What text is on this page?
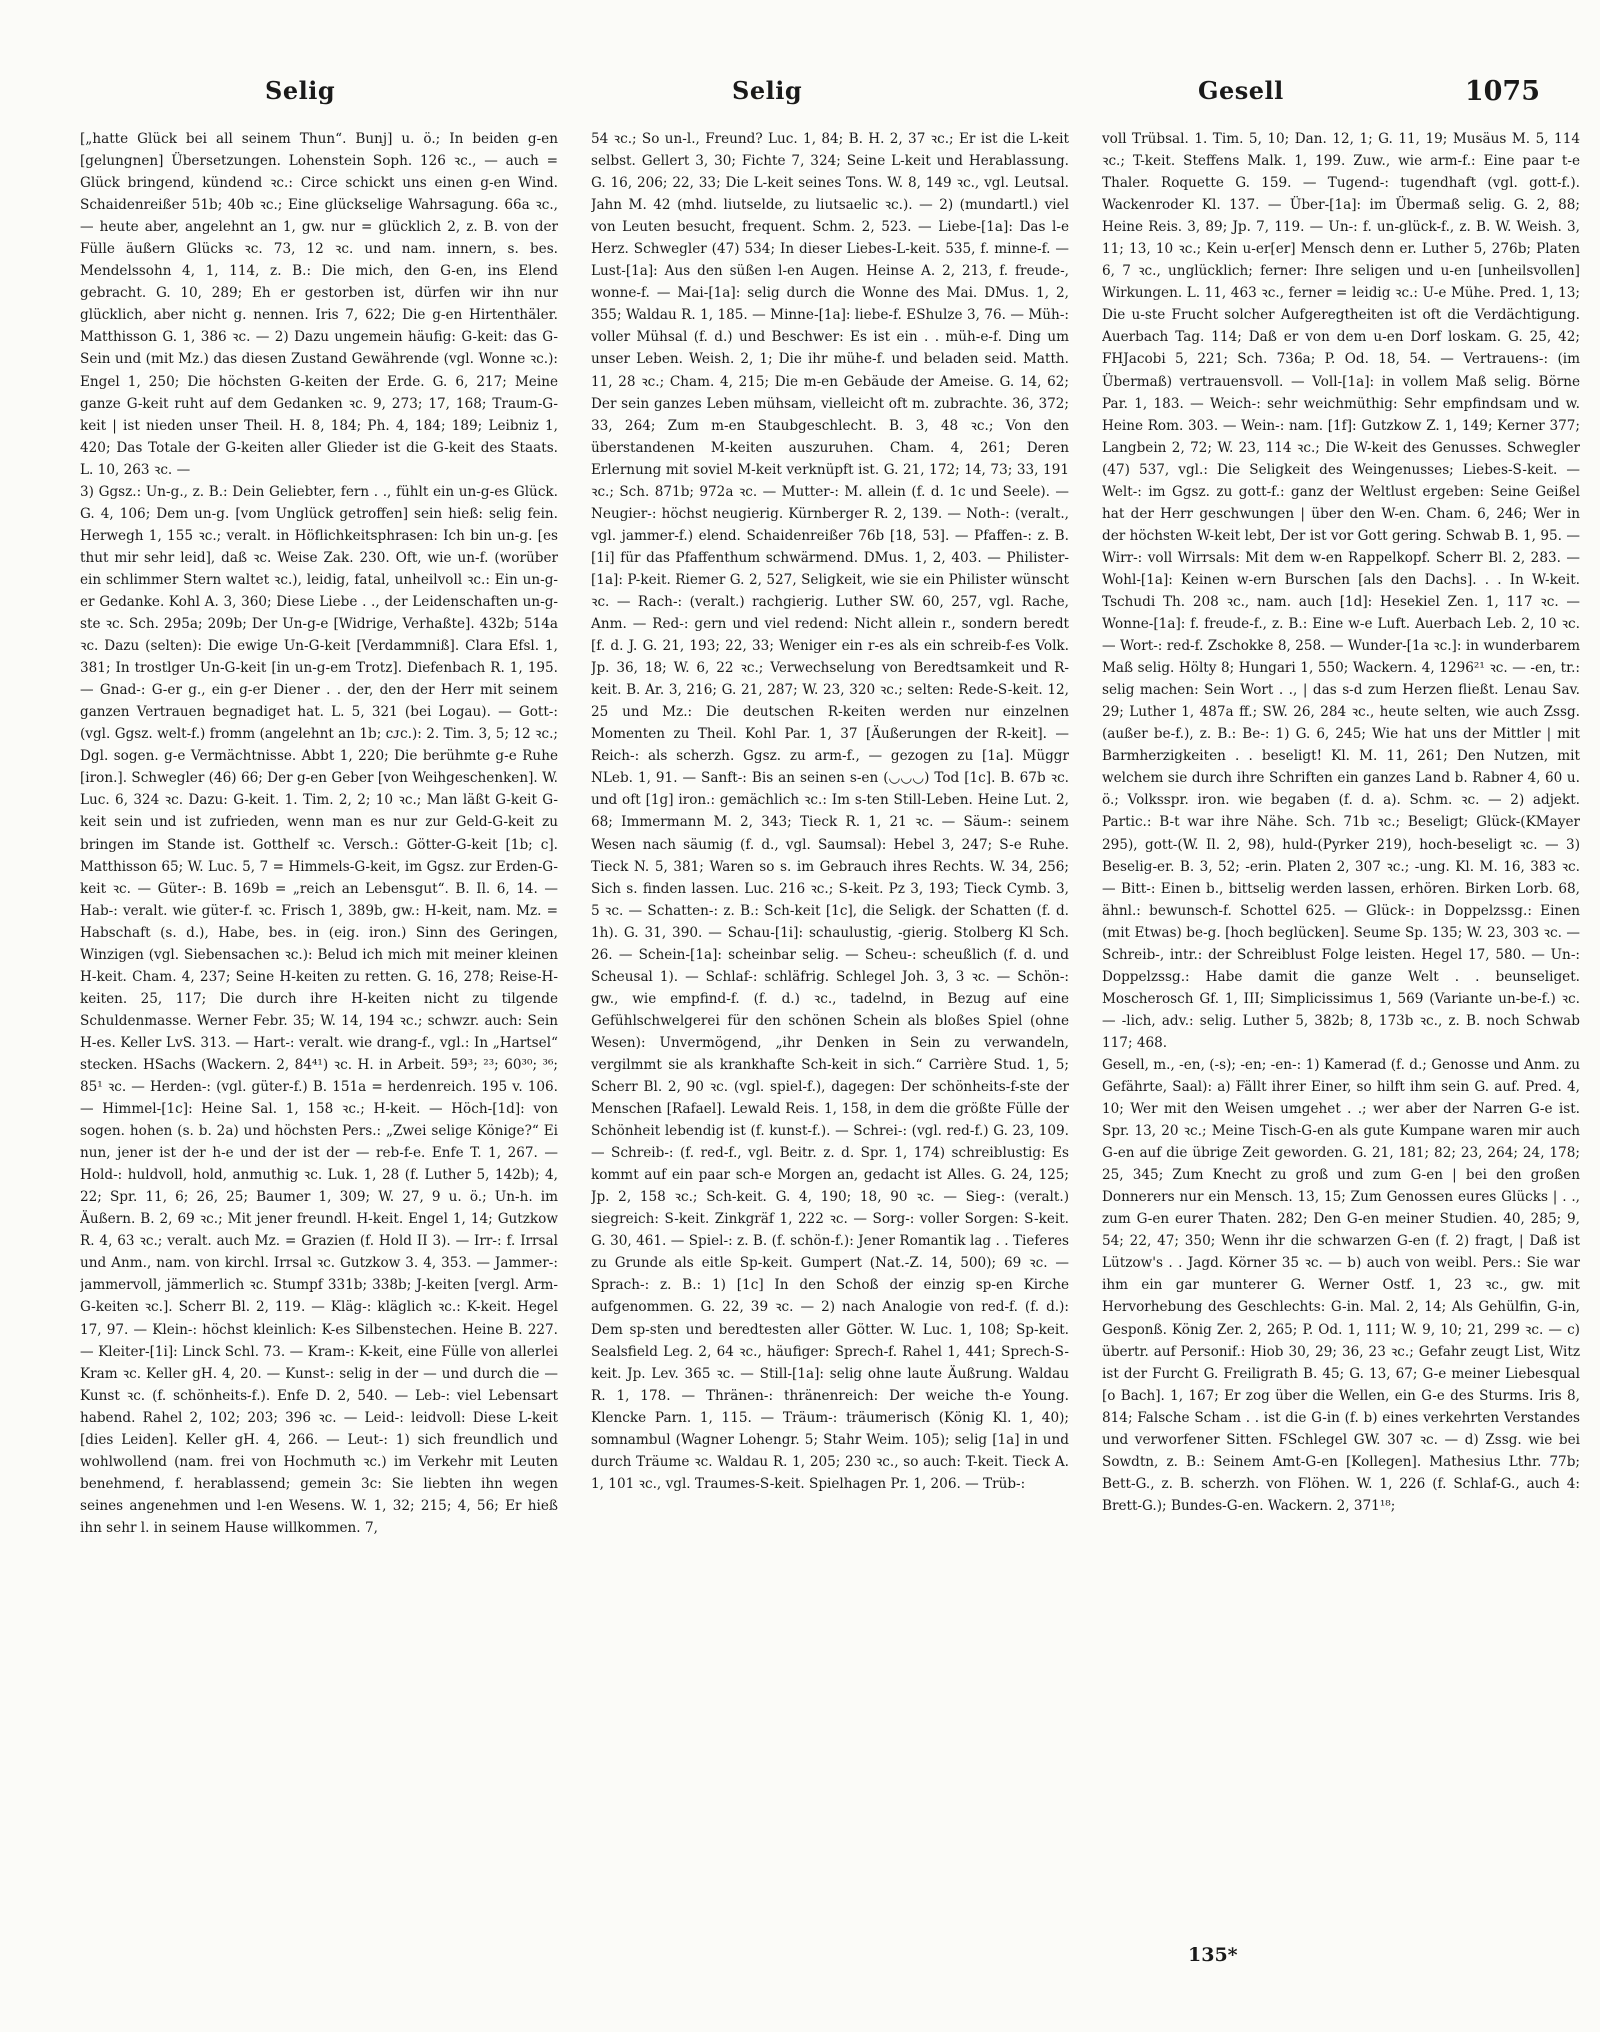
Selig	Selig	Gesell	1075

[„hatte Glück bei all seinem Thun“. Bunj] u. ö.; In beiden g-en [gelungnen] Übersetzungen. Lohenstein Soph. 126 ꝛc., — auch = Glück bringend, kündend ꝛc.: Circe schickt uns einen g-en Wind. Schaidenreißer 51b; 40b ꝛc.; Eine glückselige Wahrsagung. 66a ꝛc., — heute aber, angelehnt an 1, gw. nur = glücklich 2, z. B. von der Fülle äußern Glücks ꝛc. 73, 12 ꝛc. und nam. innern, s. bes. Mendelssohn 4, 1, 114, z. B.: Die mich, den G-en, ins Elend gebracht. G. 10, 289; Eh er gestorben ist, dürfen wir ihn nur glücklich, aber nicht g. nennen. Iris 7, 622; Die g-en Hirtenthäler. Matthisson G. 1, 386 ꝛc. — 2) Dazu ungemein häufig: G-keit: das G-Sein und (mit Mz.) das diesen Zustand Gewährende (vgl. Wonne ꝛc.): Engel 1, 250; Die höchsten G-keiten der Erde. G. 6, 217; Meine ganze G-keit ruht auf dem Gedanken ꝛc. 9, 273; 17, 168; Traum-G-keit | ist nieden unser Theil. H. 8, 184; Ph. 4, 184; 189; Leibniz 1, 420; Das Totale der G-keiten aller Glieder ist die G-keit des Staats. L. 10, 263 ꝛc. —

3) Ggsz.: Un-g., z. B.: Dein Geliebter, fern . ., fühlt ein un-g-es Glück. G. 4, 106; Dem un-g. [vom Unglück getroffen] sein hieß: selig fein. Herwegh 1, 155 ꝛc.; veralt. in Höflichkeitsphrasen: Ich bin un-g. [es thut mir sehr leid], daß ꝛc. Weise Zak. 230. Oft, wie un-f. (worüber ein schlimmer Stern waltet ꝛc.), leidig, fatal, unheilvoll ꝛc.: Ein un-g-er Gedanke. Kohl A. 3, 360; Diese Liebe . ., der Leidenschaften un-g-ste ꝛc. Sch. 295a; 209b; Der Un-g-e [Widrige, Verhaßte]. 432b; 514a ꝛc. Dazu (selten): Die ewige Un-G-keit [Verdammniß]. Clara Efsl. 1, 381; In trostlger Un-G-keit [in un-g-em Trotz]. Diefenbach R. 1, 195. — Gnad-: G-er g., ein g-er Diener . . der, den der Herr mit seinem ganzen Vertrauen begnadiget hat. L. 5, 321 (bei Logau). — Gott-: (vgl. Ggsz. welt-f.) fromm (angelehnt an 1b; cᴊc.): 2. Tim. 3, 5; 12 ꝛc.; Dgl. sogen. g-e Vermächtnisse. Abbt 1, 220; Die berühmte g-e Ruhe [iron.]. Schwegler (46) 66; Der g-en Geber [von Weihgeschenken]. W. Luc. 6, 324 ꝛc. Dazu: G-keit. 1. Tim. 2, 2; 10 ꝛc.; Man läßt G-keit G-keit sein und ist zufrieden, wenn man es nur zur Geld-G-keit zu bringen im Stande ist. Gotthelf ꝛc. Versch.: Götter-G-keit [1b; c]. Matthisson 65; W. Luc. 5, 7 = Himmels-G-keit, im Ggsz. zur Erden-G-keit ꝛc. — Güter-: B. 169b = „reich an Lebensgut“. B. Il. 6, 14. — Hab-: veralt. wie güter-f. ꝛc. Frisch 1, 389b, gw.: H-keit, nam. Mz. = Habschaft (s. d.), Habe, bes. in (eig. iron.) Sinn des Geringen, Winzigen (vgl. Siebensachen ꝛc.): Belud ich mich mit meiner kleinen H-keit. Cham. 4, 237; Seine H-keiten zu retten. G. 16, 278; Reise-H-keiten. 25, 117; Die durch ihre H-keiten nicht zu tilgende Schuldenmasse. Werner Febr. 35; W. 14, 194 ꝛc.; schwzr. auch: Sein H-es. Keller LvS. 313. — Hart-: veralt. wie drang-f., vgl.: In „Hartsel“ stecken. HSachs (Wackern. 2, 84⁴¹) ꝛc. H. in Arbeit. 59³; ²³; 60³⁰; ³⁶; 85¹ ꝛc. — Herden-: (vgl. güter-f.) B. 151a = herdenreich. 195 v. 106. — Himmel-[1c]: Heine Sal. 1, 158 ꝛc.; H-keit. — Höch-[1d]: von sogen. hohen (s. b. 2a) und höchsten Pers.: „Zwei selige Könige?“ Ei nun, jener ist der h-e und der ist der — reb-f-e. Enfe T. 1, 267. — Hold-: huldvoll, hold, anmuthig ꝛc. Luk. 1, 28 (f. Luther 5, 142b); 4, 22; Spr. 11, 6; 26, 25; Baumer 1, 309; W. 27, 9 u. ö.; Un-h. im Äußern. B. 2, 69 ꝛc.; Mit jener freundl. H-keit. Engel 1, 14; Gutzkow R. 4, 63 ꝛc.; veralt. auch Mz. = Grazien (f. Hold II 3). — Irr-: f. Irrsal und Anm., nam. von kirchl. Irrsal ꝛc. Gutzkow 3. 4, 353. — Jammer-: jammervoll, jämmerlich ꝛc. Stumpf 331b; 338b; J-keiten [vergl. Arm-G-keiten ꝛc.]. Scherr Bl. 2, 119. — Kläg-: kläglich ꝛc.: K-keit. Hegel 17, 97. — Klein-: höchst kleinlich: K-es Silbenstechen. Heine B. 227. — Kleiter-[1i]: Linck Schl. 73. — Kram-: K-keit, eine Fülle von allerlei Kram ꝛc. Keller gH. 4, 20. — Kunst-: selig in der — und durch die — Kunst ꝛc. (f. schönheits-f.). Enfe D. 2, 540. — Leb-: viel Lebensart habend. Rahel 2, 102; 203; 396 ꝛc. — Leid-: leidvoll: Diese L-keit [dies Leiden]. Keller gH. 4, 266. — Leut-: 1) sich freundlich und wohlwollend (nam. frei von Hochmuth ꝛc.) im Verkehr mit Leuten benehmend, f. herablassend; gemein 3c: Sie liebten ihn wegen seines angenehmen und l-en Wesens. W. 1, 32; 215; 4, 56; Er hieß ihn sehr l. in seinem Hause willkommen. 7,

54 ꝛc.; So un-l., Freund? Luc. 1, 84; B. H. 2, 37 ꝛc.; Er ist die L-keit selbst. Gellert 3, 30; Fichte 7, 324; Seine L-keit und Herablassung. G. 16, 206; 22, 33; Die L-keit seines Tons. W. 8, 149 ꝛc., vgl. Leutsal. Jahn M. 42 (mhd. liutselde, zu liutsaelic ꝛc.). — 2) (mundartl.) viel von Leuten besucht, frequent. Schm. 2, 523. — Liebe-[1a]: Das l-e Herz. Schwegler (47) 534; In dieser Liebes-L-keit. 535, f. minne-f. — Lust-[1a]: Aus den süßen l-en Augen. Heinse A. 2, 213, f. freude-, wonne-f. — Mai-[1a]: selig durch die Wonne des Mai. DMus. 1, 2, 355; Waldau R. 1, 185. — Minne-[1a]: liebe-f. EShulze 3, 76. — Müh-: voller Mühsal (f. d.) und Beschwer: Es ist ein . . müh-e-f. Ding um unser Leben. Weish. 2, 1; Die ihr mühe-f. und beladen seid. Matth. 11, 28 ꝛc.; Cham. 4, 215; Die m-en Gebäude der Ameise. G. 14, 62; Der sein ganzes Leben mühsam, vielleicht oft m. zubrachte. 36, 372; 33, 264; Zum m-en Staubgeschlecht. B. 3, 48 ꝛc.; Von den überstandenen M-keiten auszuruhen. Cham. 4, 261; Deren Erlernung mit soviel M-keit verknüpft ist. G. 21, 172; 14, 73; 33, 191 ꝛc.; Sch. 871b; 972a ꝛc. — Mutter-: M. allein (f. d. 1c und Seele). — Neugier-: höchst neugierig. Kürnberger R. 2, 139. — Noth-: (veralt., vgl. jammer-f.) elend. Schaidenreißer 76b [18, 53]. — Pfaffen-: z. B. [1i] für das Pfaffenthum schwärmend. DMus. 1, 2, 403. — Philister-[1a]: P-keit. Riemer G. 2, 527, Seligkeit, wie sie ein Philister wünscht ꝛc. — Rach-: (veralt.) rachgierig. Luther SW. 60, 257, vgl. Rache, Anm. — Red-: gern und viel redend: Nicht allein r., sondern beredt [f. d. J. G. 21, 193; 22, 33; Weniger ein r-es als ein schreib-f-es Volk. Jp. 36, 18; W. 6, 22 ꝛc.; Verwechselung von Beredtsamkeit und R-keit. B. Ar. 3, 216; G. 21, 287; W. 23, 320 ꝛc.; selten: Rede-S-keit. 12, 25 und Mz.: Die deutschen R-keiten werden nur einzelnen Momenten zu Theil. Kohl Par. 1, 37 [Äußerungen der R-keit]. — Reich-: als scherzh. Ggsz. zu arm-f., — gezogen zu [1a]. Müggr NLeb. 1, 91. — Sanft-: Bis an seinen s-en (◡◡◡) Tod [1c]. B. 67b ꝛc. und oft [1g] iron.: gemächlich ꝛc.: Im s-ten Still-Leben. Heine Lut. 2, 68; Immermann M. 2, 343; Tieck R. 1, 21 ꝛc. — Säum-: seinem Wesen nach säumig (f. d., vgl. Saumsal): Hebel 3, 247; S-e Ruhe. Tieck N. 5, 381; Waren so s. im Gebrauch ihres Rechts. W. 34, 256; Sich s. finden lassen. Luc. 216 ꝛc.; S-keit. Pz 3, 193; Tieck Cymb. 3, 5 ꝛc. — Schatten-: z. B.: Sch-keit [1c], die Seligk. der Schatten (f. d. 1h). G. 31, 390. — Schau-[1i]: schaulustig, -gierig. Stolberg Kl Sch. 26. — Schein-[1a]: scheinbar selig. — Scheu-: scheußlich (f. d. und Scheusal 1). — Schlaf-: schläfrig. Schlegel Joh. 3, 3 ꝛc. — Schön-: gw., wie empfind-f. (f. d.) ꝛc., tadelnd, in Bezug auf eine Gefühlschwelgerei für den schönen Schein als bloßes Spiel (ohne Wesen): Unvermögend, „ihr Denken in Sein zu verwandeln, vergilmmt sie als krankhafte Sch-keit in sich.“ Carrière Stud. 1, 5; Scherr Bl. 2, 90 ꝛc. (vgl. spiel-f.), dagegen: Der schönheits-f-ste der Menschen [Rafael]. Lewald Reis. 1, 158, in dem die größte Fülle der Schönheit lebendig ist (f. kunst-f.). — Schrei-: (vgl. red-f.) G. 23, 109. — Schreib-: (f. red-f., vgl. Beitr. z. d. Spr. 1, 174) schreiblustig: Es kommt auf ein paar sch-e Morgen an, gedacht ist Alles. G. 24, 125; Jp. 2, 158 ꝛc.; Sch-keit. G. 4, 190; 18, 90 ꝛc. — Sieg-: (veralt.) siegreich: S-keit. Zinkgräf 1, 222 ꝛc. — Sorg-: voller Sorgen: S-keit. G. 30, 461. — Spiel-: z. B. (f. schön-f.): Jener Romantik lag . . Tieferes zu Grunde als eitle Sp-keit. Gumpert (Nat.-Z. 14, 500); 69 ꝛc. — Sprach-: z. B.: 1) [1c] In den Schoß der einzig sp-en Kirche aufgenommen. G. 22, 39 ꝛc. — 2) nach Analogie von red-f. (f. d.): Dem sp-sten und beredtesten aller Götter. W. Luc. 1, 108; Sp-keit. Sealsfield Leg. 2, 64 ꝛc., häufiger: Sprech-f. Rahel 1, 441; Sprech-S-keit. Jp. Lev. 365 ꝛc. — Still-[1a]: selig ohne laute Äußrung. Waldau R. 1, 178. — Thränen-: thränenreich: Der weiche th-e Young. Klencke Parn. 1, 115. — Träum-: träumerisch (König Kl. 1, 40); somnambul (Wagner Lohengr. 5; Stahr Weim. 105); selig [1a] in und durch Träume ꝛc. Waldau R. 1, 205; 230 ꝛc., so auch: T-keit. Tieck A. 1, 101 ꝛc., vgl. Traumes-S-keit. Spielhagen Pr. 1, 206. — Trüb-:

voll Trübsal. 1. Tim. 5, 10; Dan. 12, 1; G. 11, 19; Musäus M. 5, 114 ꝛc.; T-keit. Steffens Malk. 1, 199. Zuw., wie arm-f.: Eine paar t-e Thaler. Roquette G. 159. — Tugend-: tugendhaft (vgl. gott-f.). Wackenroder Kl. 137. — Über-[1a]: im Übermaß selig. G. 2, 88; Heine Reis. 3, 89; Jp. 7, 119. — Un-: f. un-glück-f., z. B. W. Weish. 3, 11; 13, 10 ꝛc.; Kein u-er[er] Mensch denn er. Luther 5, 276b; Platen 6, 7 ꝛc., unglücklich; ferner: Ihre seligen und u-en [unheilsvollen] Wirkungen. L. 11, 463 ꝛc., ferner = leidig ꝛc.: U-e Mühe. Pred. 1, 13; Die u-ste Frucht solcher Aufgeregtheiten ist oft die Verdächtigung. Auerbach Tag. 114; Daß er von dem u-en Dorf loskam. G. 25, 42; FHJacobi 5, 221; Sch. 736a; P. Od. 18, 54. — Vertrauens-: (im Übermaß) vertrauensvoll. — Voll-[1a]: in vollem Maß selig. Börne Par. 1, 183. — Weich-: sehr weichmüthig: Sehr empfindsam und w. Heine Rom. 303. — Wein-: nam. [1f]: Gutzkow Z. 1, 149; Kerner 377; Langbein 2, 72; W. 23, 114 ꝛc.; Die W-keit des Genusses. Schwegler (47) 537, vgl.: Die Seligkeit des Weingenusses; Liebes-S-keit. — Welt-: im Ggsz. zu gott-f.: ganz der Weltlust ergeben: Seine Geißel hat der Herr geschwungen | über den W-en. Cham. 6, 246; Wer in der höchsten W-keit lebt, Der ist vor Gott gering. Schwab B. 1, 95. — Wirr-: voll Wirrsals: Mit dem w-en Rappelkopf. Scherr Bl. 2, 283. — Wohl-[1a]: Keinen w-ern Burschen [als den Dachs]. . . In W-keit. Tschudi Th. 208 ꝛc., nam. auch [1d]: Hesekiel Zen. 1, 117 ꝛc. — Wonne-[1a]: f. freude-f., z. B.: Eine w-e Luft. Auerbach Leb. 2, 10 ꝛc. — Wort-: red-f. Zschokke 8, 258. — Wunder-[1a ꝛc.]: in wunderbarem Maß selig. Hölty 8; Hungari 1, 550; Wackern. 4, 1296²¹ ꝛc. — -en, tr.: selig machen: Sein Wort . ., | das s-d zum Herzen fließt. Lenau Sav. 29; Luther 1, 487a ff.; SW. 26, 284 ꝛc., heute selten, wie auch Zssg. (außer be-f.), z. B.: Be-: 1) G. 6, 245; Wie hat uns der Mittler | mit Barmherzigkeiten . . beseligt! Kl. M. 11, 261; Den Nutzen, mit welchem sie durch ihre Schriften ein ganzes Land b. Rabner 4, 60 u. ö.; Volksspr. iron. wie begaben (f. d. a). Schm. ꝛc. — 2) adjekt. Partic.: B-t war ihre Nähe. Sch. 71b ꝛc.; Beseligt; Glück-(KMayer 295), gott-(W. Il. 2, 98), huld-(Pyrker 219), hoch-beseligt ꝛc. — 3) Beselig-er. B. 3, 52; -erin. Platen 2, 307 ꝛc.; -ung. Kl. M. 16, 383 ꝛc. — Bitt-: Einen b., bittselig werden lassen, erhören. Birken Lorb. 68, ähnl.: bewunsch-f. Schottel 625. — Glück-: in Doppelzssg.: Einen (mit Etwas) be-g. [hoch beglücken]. Seume Sp. 135; W. 23, 303 ꝛc. — Schreib-, intr.: der Schreiblust Folge leisten. Hegel 17, 580. — Un-: Doppelzssg.: Habe damit die ganze Welt . . beunseliget. Moscherosch Gf. 1, III; Simplicissimus 1, 569 (Variante un-be-f.) ꝛc. — -lich, adv.: selig. Luther 5, 382b; 8, 173b ꝛc., z. B. noch Schwab 117; 468.

Gesell, m., -en, (-s); -en; -en-: 1) Kamerad (f. d.; Genosse und Anm. zu Gefährte, Saal): a) Fällt ihrer Einer, so hilft ihm sein G. auf. Pred. 4, 10; Wer mit den Weisen umgehet . .; wer aber der Narren G-e ist. Spr. 13, 20 ꝛc.; Meine Tisch-G-en als gute Kumpane waren mir auch G-en auf die übrige Zeit geworden. G. 21, 181; 82; 23, 264; 24, 178; 25, 345; Zum Knecht zu groß und zum G-en | bei den großen Donnerers nur ein Mensch. 13, 15; Zum Genossen eures Glücks | . ., zum G-en eurer Thaten. 282; Den G-en meiner Studien. 40, 285; 9, 54; 22, 47; 350; Wenn ihr die schwarzen G-en (f. 2) fragt, | Daß ist Lützow's . . Jagd. Körner 35 ꝛc. — b) auch von weibl. Pers.: Sie war ihm ein gar munterer G. Werner Ostf. 1, 23 ꝛc., gw. mit Hervorhebung des Geschlechts: G-in. Mal. 2, 14; Als Gehülfin, G-in, Gesponß. König Zer. 2, 265; P. Od. 1, 111; W. 9, 10; 21, 299 ꝛc. — c) übertr. auf Personif.: Hiob 30, 29; 36, 23 ꝛc.; Gefahr zeugt List, Witz ist der Furcht G. Freiligrath B. 45; G. 13, 67; G-e meiner Liebesqual [o Bach]. 1, 167; Er zog über die Wellen, ein G-e des Sturms. Iris 8, 814; Falsche Scham . . ist die G-in (f. b) eines verkehrten Verstandes und verworfener Sitten. FSchlegel GW. 307 ꝛc. — d) Zssg. wie bei Sowdtn, z. B.: Seinem Amt-G-en [Kollegen]. Mathesius Lthr. 77b; Bett-G., z. B. scherzh. von Flöhen. W. 1, 226 (f. Schlaf-G., auch 4: Brett-G.); Bundes-G-en. Wackern. 2, 371¹⁸;

135*
